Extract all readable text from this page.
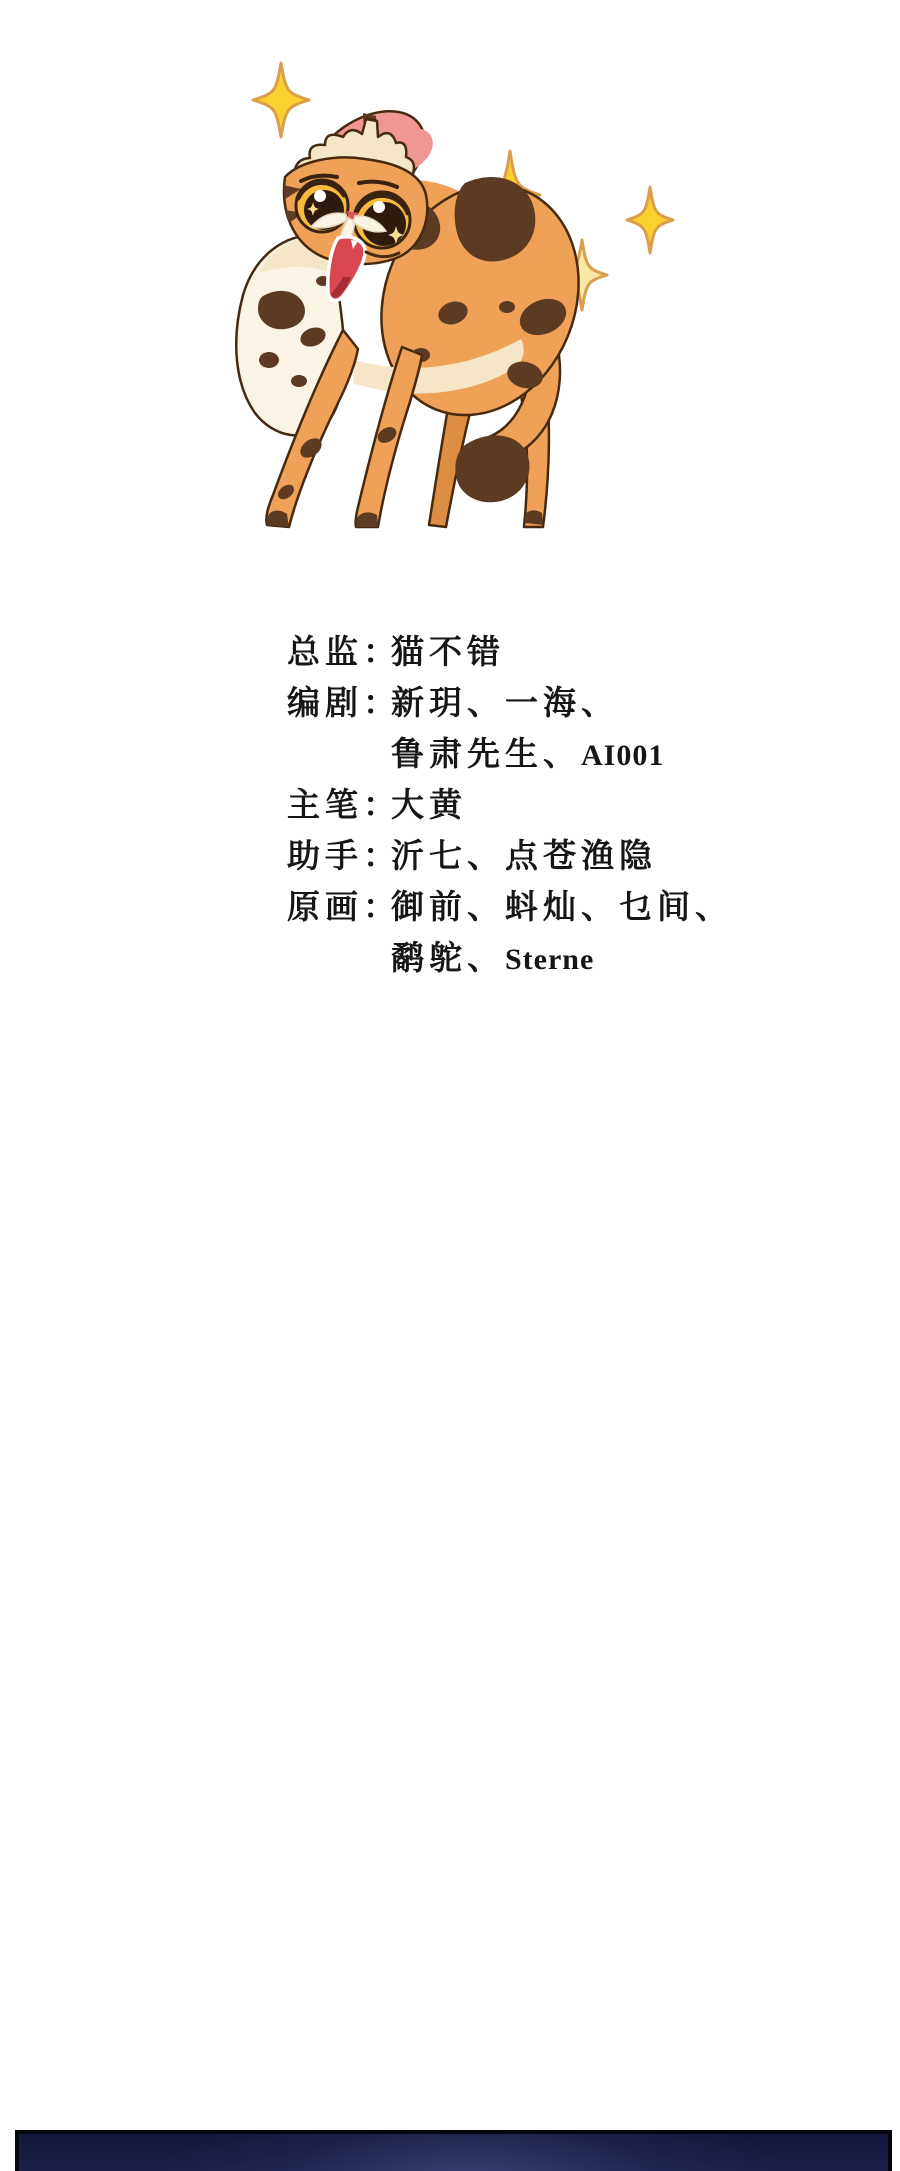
总监：
猫不错
编剧：
新玥、一海、
鲁肃先生、AI001
主笔：
大黄
助手：
沂七、点苍渔隐
原画：
御前、蚪灿、乜间、
鹬鸵、Sterne
